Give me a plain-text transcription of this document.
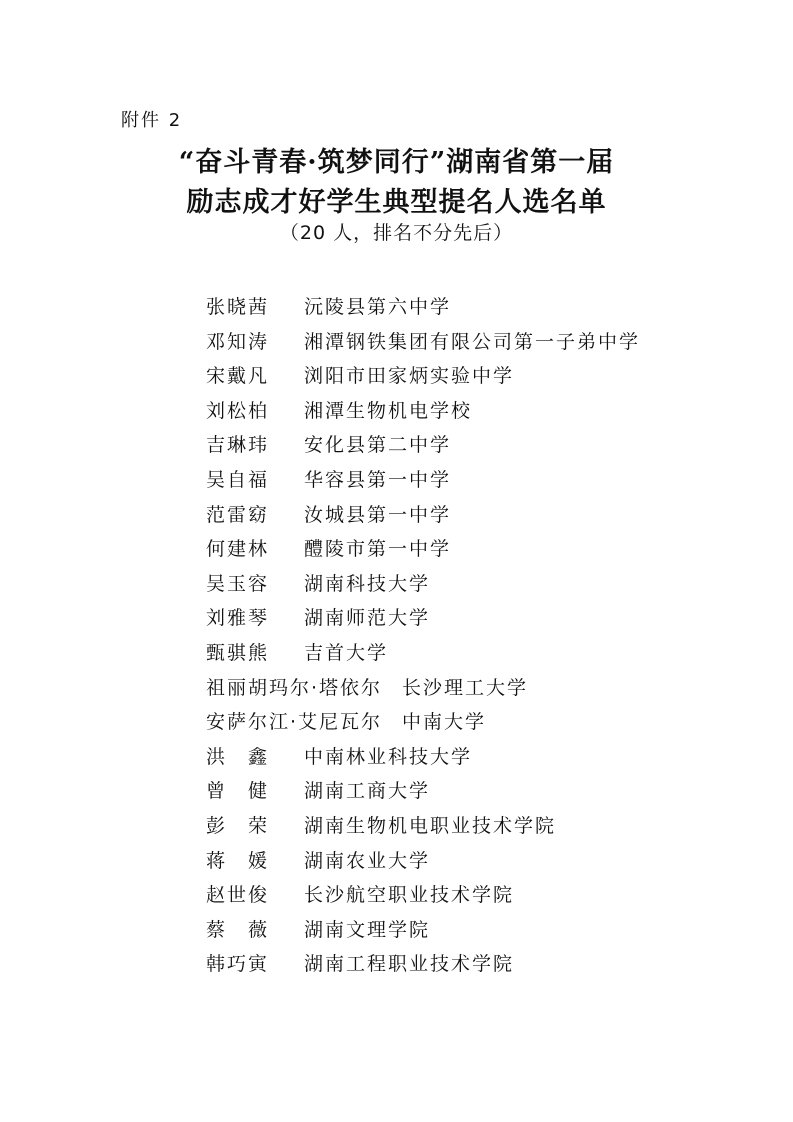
附件 2
“奋斗青春·筑梦同行”湖南省第一届
励志成才好学生典型提名人选名单
（20 人，排名不分先后）
张晓茜 沅陵县第六中学
邓知涛 湘潭钢铁集团有限公司第一子弟中学
宋戴凡 浏阳市田家炳实验中学
刘松柏 湘潭生物机电学校
吉琳玮 安化县第二中学
吴自福 华容县第一中学
范雷窈 汝城县第一中学
何建林 醴陵市第一中学
吴玉容 湖南科技大学
刘雅琴 湖南师范大学
甄骐熊 吉首大学
祖丽胡玛尔·塔依尔 长沙理工大学
安萨尔江·艾尼瓦尔 中南大学
洪　鑫 中南林业科技大学
曾　健 湖南工商大学
彭　荣 湖南生物机电职业技术学院
蒋　媛 湖南农业大学
赵世俊 长沙航空职业技术学院
蔡　薇 湖南文理学院
韩巧寅 湖南工程职业技术学院
